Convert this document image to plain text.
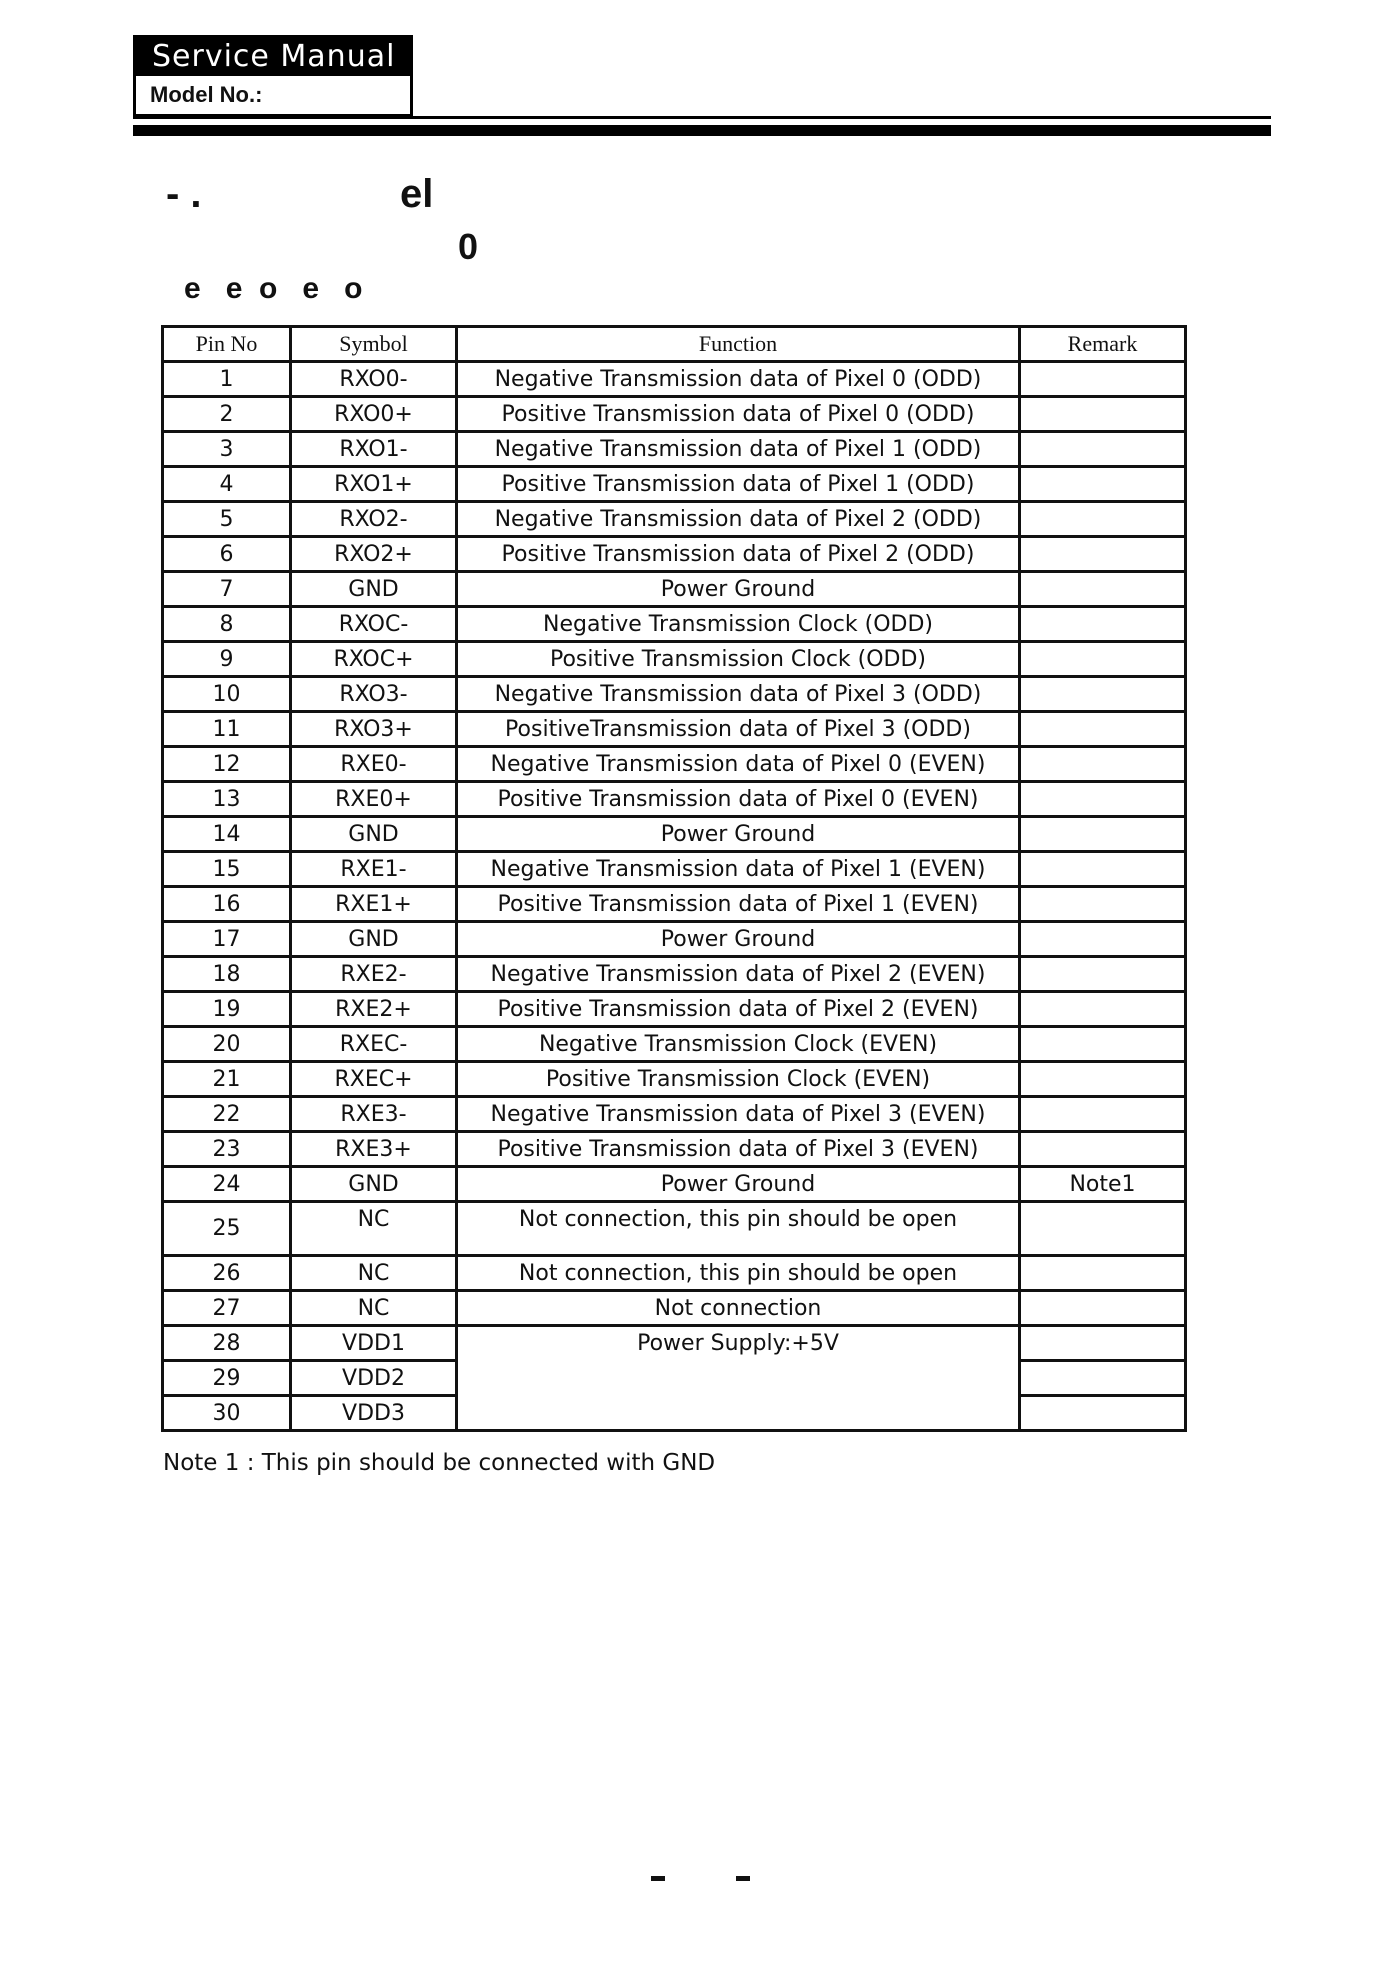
Service Manual
Model No.:
- .	el
0
e   e  o   e   o
Pin No	Symbol	Function	Remark
1	RXO0-	Negative Transmission data of Pixel 0 (ODD)	
2	RXO0+	Positive Transmission data of Pixel 0 (ODD)	
3	RXO1-	Negative Transmission data of Pixel 1 (ODD)	
4	RXO1+	Positive Transmission data of Pixel 1 (ODD)	
5	RXO2-	Negative Transmission data of Pixel 2 (ODD)	
6	RXO2+	Positive Transmission data of Pixel 2 (ODD)	
7	GND	Power Ground	
8	RXOC-	Negative Transmission Clock (ODD)	
9	RXOC+	Positive Transmission Clock (ODD)	
10	RXO3-	Negative Transmission data of Pixel 3 (ODD)	
11	RXO3+	PositiveTransmission data of Pixel 3 (ODD)	
12	RXE0-	Negative Transmission data of Pixel 0 (EVEN)	
13	RXE0+	Positive Transmission data of Pixel 0 (EVEN)	
14	GND	Power Ground	
15	RXE1-	Negative Transmission data of Pixel 1 (EVEN)	
16	RXE1+	Positive Transmission data of Pixel 1 (EVEN)	
17	GND	Power Ground	
18	RXE2-	Negative Transmission data of Pixel 2 (EVEN)	
19	RXE2+	Positive Transmission data of Pixel 2 (EVEN)	
20	RXEC-	Negative Transmission Clock (EVEN)	
21	RXEC+	Positive Transmission Clock (EVEN)	
22	RXE3-	Negative Transmission data of Pixel 3 (EVEN)	
23	RXE3+	Positive Transmission data of Pixel 3 (EVEN)	
24	GND	Power Ground	Note1
25	NC	Not connection, this pin should be open	
26	NC	Not connection, this pin should be open	
27	NC	Not connection	
28	VDD1	Power Supply:+5V	
29	VDD2		
30	VDD3		
Note 1 : This pin should be connected with GND
